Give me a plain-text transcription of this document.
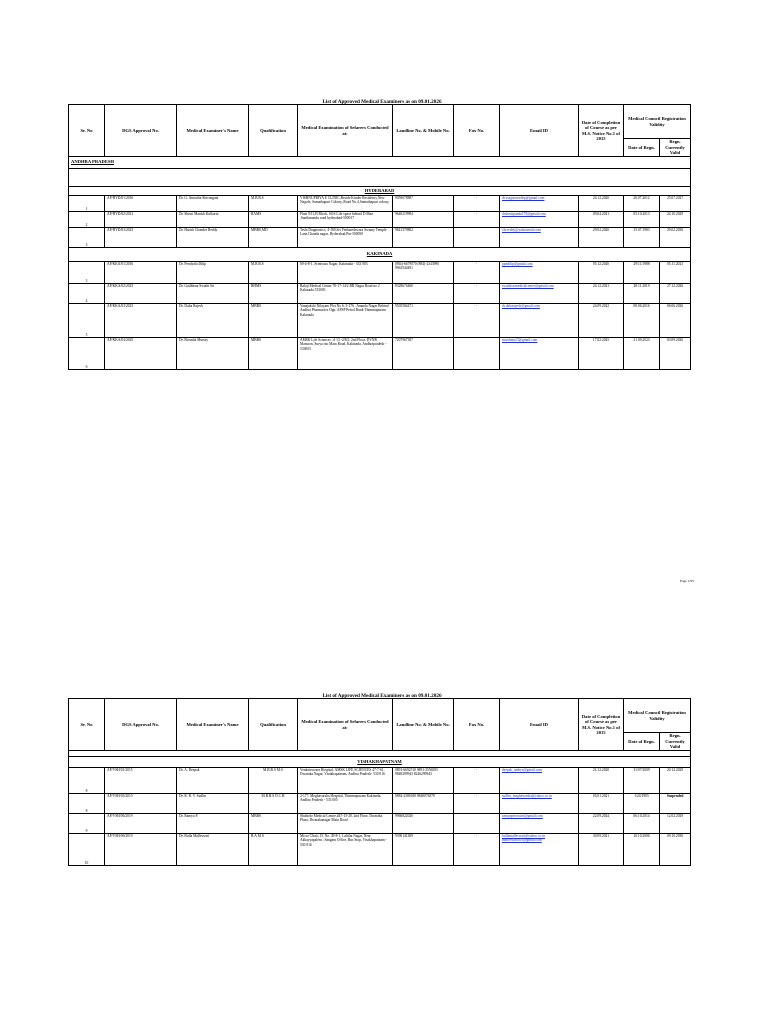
	List of Approved Medical Examiners as on 09.01.2026									
Sr. No	DGS Approval No.	Medical Examiner's Name	Qualification	Medical Examination of Sefarers Conducted at:	Landline No. & Mobile No.	Fax No.	Email ID	Date of Completion of Course as per M.S. Notice No.1 of 2015	Medical Council Registration Validity	
									Date of Regn.	Regn. Currently Valid
ANDHRA PRADESH										

HYDERABAD										
1	AP/HYD/01/2016	Dr. G. Amrutha Shivangani	M.B.B.S	VISHNUPRIYA E CLINIC,Beside Kinder Residency,New Nagole, Samathapuri Colony,,Road No.4,Samathapuri colony,	9059078887	-	dr.ssaguruvirdep@gmail.com	24.12.2020	26.07.2012	25.07.2027
2	AP/HYD/02/2021	Dr. Shruti Manish Kulkarni	BAMS	Flate 9/11,B Block, SGS Life space behind D Mart ,Sanikmandu road hyderabad-500017	9640219984	-	drshrutipanda170@gmail.com	09.04.2021	05.10.2013	24.10.2029
3	AP/HYD/03/2023	Dr. Harish Chander Reddy	MBBS,MD	Tesla Diagnostics, 4-169,Sri Venkateshwara Swamy Temple Lane,Chanda nagar, Hyderabad,Pin-500050	9841379802		chcreddy@yahoomail.com	29.02.2020	15.07.1983	29.02.2030
KAKINADA										
3	AP/KKA/01/2016	Dr. Pendyala Dilip	M.B.B.S	69-4-8-1, Srinivasa Nagar, Kakinada - 533 003	(884)-6679070 (884)-2343990 9963544491	-	ppndilip@gmail.com	05.12.2020	29/11/1988	05.11.2023
4	AP/KKA/02/2023	Dr. Gudibena Swathi Sri	BHMS	Balaji Medical Center 70-17-14/2 RR Nagar Road no 2 Kakinada 533003	8328674460	-	swathisrimedicalcenter@gmail.com	24.12.2021	28.11.2019	27.12.2026
5	AP/KKA/03/2023	Dr. Duba Rajesh	MBBS	Vanajakshi Nilayam Plot No 6, 5-176 , Ananda Nagar Behind Andhra Pharmacies Opp. APSP Petrol Bunk Thimmapuram Kakinada	9505584471	-	dr.dubarajesh@gmail.com	24.09.2022	08.06.2016	06.06.2026
6	AP/KKA/04/2025	Dr. Borusha Murray	MBBS	AMSK Life Sciences , # 13 -2/8/2, 2nd Floor, DVNR Mansion, Surya rao Main Road, Kakinada, Andhrapradesh - 533003	7207967307		murrbam23@gmail.com	17.02.2025	21.09.2023	03.09.2026
Page 1/95
	List of Approved Medical Examiners as on 09.01.2026									
Sr. No	DGS Approval No.	Medical Examiner's Name	Qualification	Medical Examination of Sefarers Conducted at:	Landline No. & Mobile No.	Fax No.	Email ID	Date of Completion of Course as per M.S. Notice No.1 of 2015	Medical Council Registration Validity	
									Date of Regn.	Regn. Currently Valid

VISHAKHAPATNAM										
8	AP/VSH/01/2015	Dr. A. Deepak	M.B.B.S M.S	Venkateswara Hospital, AMSK LIFE SCIENCES 47-7-61, Dwaraka Nagar, Visakhapatnam, Andhra Pradesh- 530 016	0891-6692510 0891-2556583 9848299943 8246299943	-	deepak_ambys@gmail.com	21.12.2020	31/07/2009	20.12.2029
8	AP/VSH/03/2015	Dr. R. R. V. Sudhir	M.B.B.S D.C.H	2-177, Meghavarsha Hospital, Thimmapuram Kakinada, Andhra Pradesh - 533 005	0884-2386180 9848074879	-	sudhir_meghavarsha@yahoo.co.in	05.01.2021	1/24/1905	Suspended
9	AP/VSH/06/2019	Dr. Ramya P.	MBBS	Shubodo Medical Centre,#47-15-20, 2nd Floor, Dwaraka Plaza, Dwarakanagar Main Road	9966822026		ramyaprecision@gmail.com	22.09.2024	06.10.2014	12.02.2029
10	AP/VSH/06/2019	Dr. Bulla Malleswari	B.A.M.S	Micro Clinic, D. No. 49-8-1, Lalitha Nagar, Near Akkayyapalem , Sangam Office, Bus Stop, Visakhapatnam - 530 016	9390141309	-	bullamalleswari@yahoo.co.in malleswari301@gmail.com	30.09.2021	16.10.2006	09.10.2030
